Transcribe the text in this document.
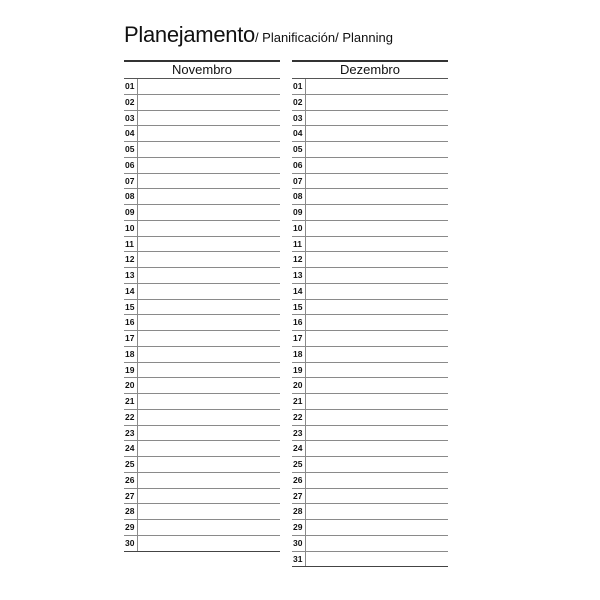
Planejamento/ Planificación/ Planning
Novembro
01
02
03
04
05
06
07
08
09
10
11
12
13
14
15
16
17
18
19
20
21
22
23
24
25
26
27
28
29
30
Dezembro
01
02
03
04
05
06
07
08
09
10
11
12
13
14
15
16
17
18
19
20
21
22
23
24
25
26
27
28
29
30
31
